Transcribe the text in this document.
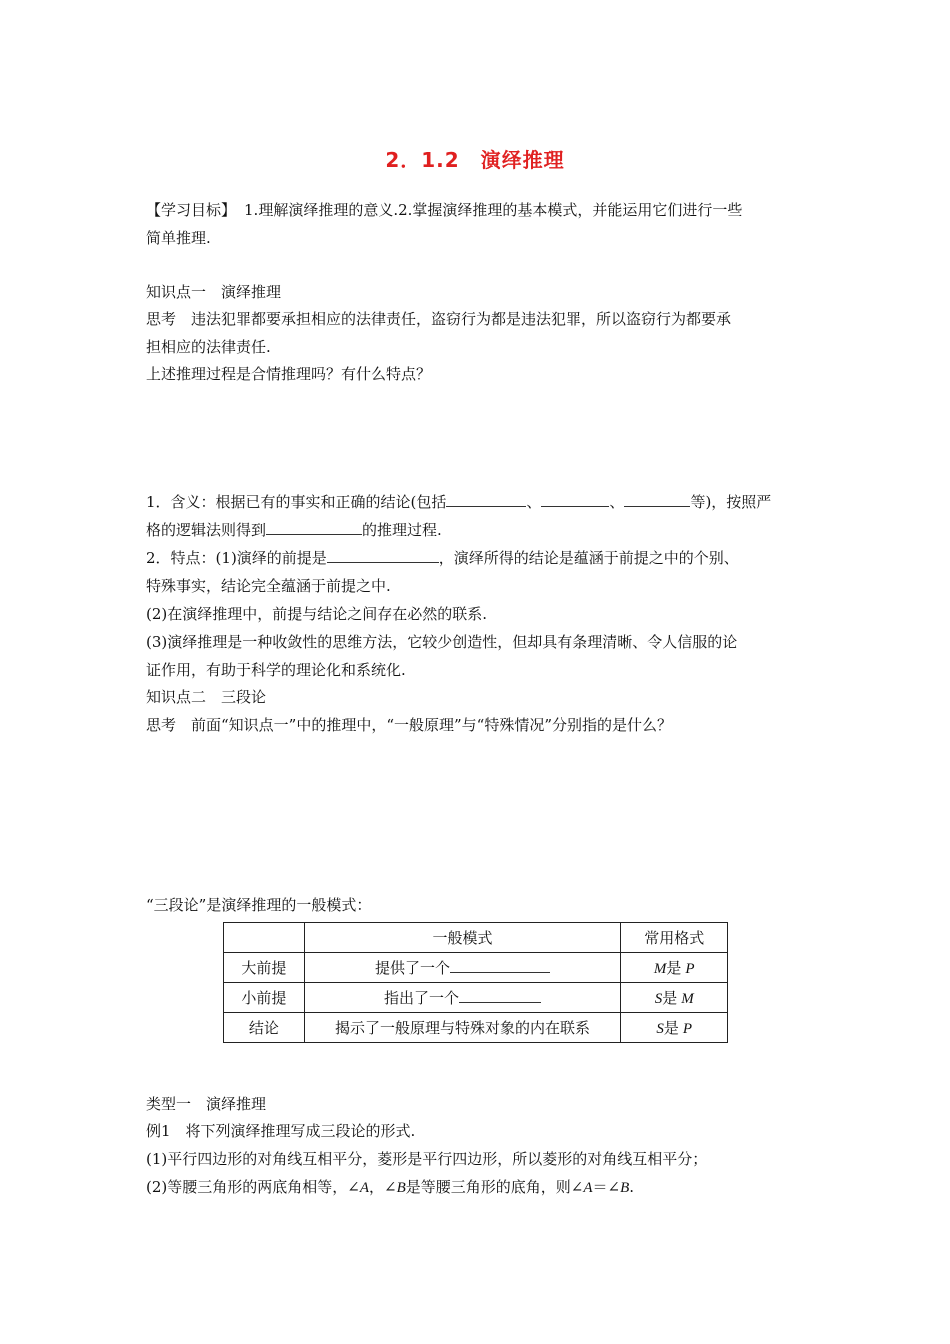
2．1.2　演绎推理
【学习目标】 1.理解演绎推理的意义.2.掌握演绎推理的基本模式，并能运用它们进行一些
简单推理.
知识点一　演绎推理
思考　违法犯罪都要承担相应的法律责任，盗窃行为都是违法犯罪，所以盗窃行为都要承
担相应的法律责任.
上述推理过程是合情推理吗？有什么特点？
1．含义：根据已有的事实和正确的结论(包括	、	、	等)，按照严
格的逻辑法则得到	的推理过程.
2．特点：(1)演绎的前提是	，演绎所得的结论是蕴涵于前提之中的个别、
特殊事实，结论完全蕴涵于前提之中.
(2)在演绎推理中，前提与结论之间存在必然的联系.
(3)演绎推理是一种收敛性的思维方法，它较少创造性，但却具有条理清晰、令人信服的论
证作用，有助于科学的理论化和系统化.
知识点二　三段论
思考　前面“知识点一”中的推理中，“一般原理”与“特殊情况”分别指的是什么？
“三段论”是演绎推理的一般模式：
	一般模式	常用格式
大前提	提供了一个	M是 P
小前提	指出了一个	S是 M
结论	揭示了一般原理与特殊对象的内在联系	S是 P
类型一　演绎推理
例1　将下列演绎推理写成三段论的形式.
(1)平行四边形的对角线互相平分，菱形是平行四边形，所以菱形的对角线互相平分；
(2)等腰三角形的两底角相等，∠A，∠B是等腰三角形的底角，则∠A＝∠B.
